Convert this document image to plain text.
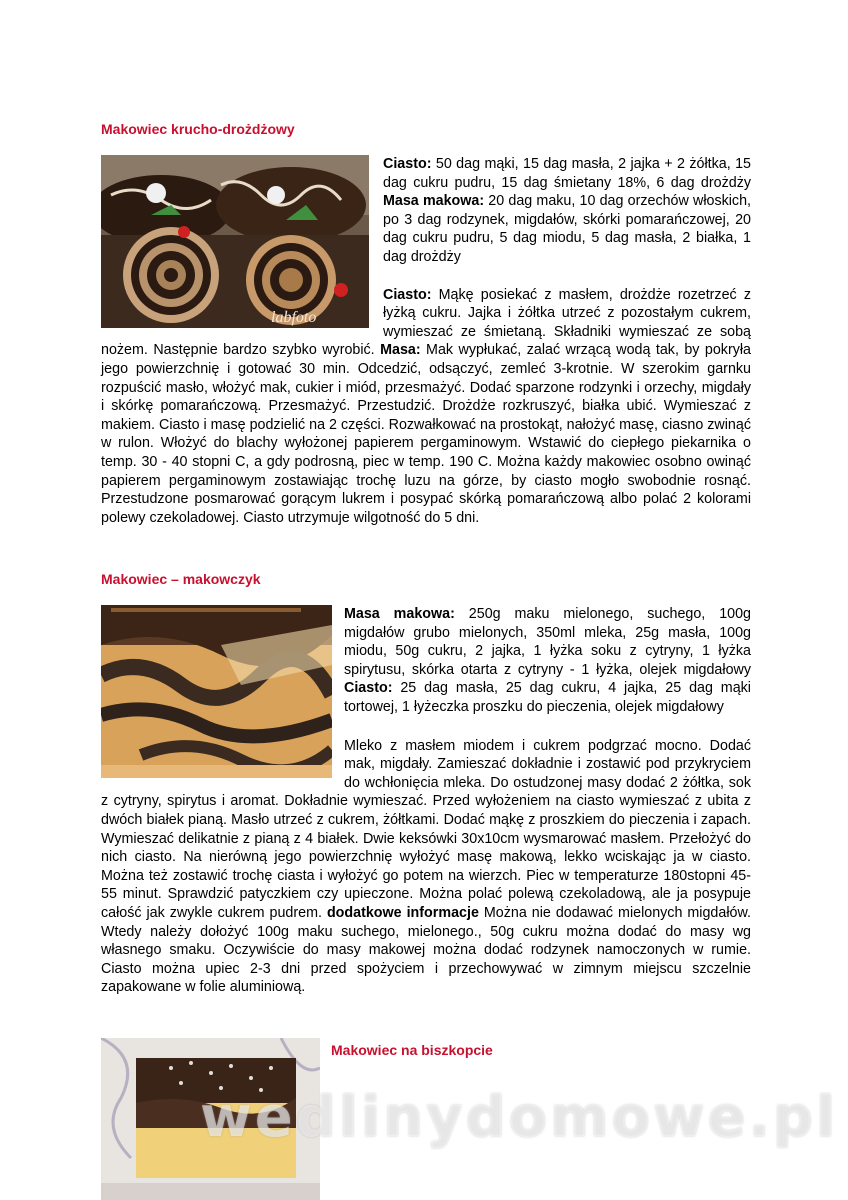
Makowiec krucho-drożdżowy
labfoto
Ciasto: 50 dag mąki, 15 dag masła, 2 jajka + 2 żółtka, 15 dag cukru pudru, 15 dag śmietany 18%, 6 dag drożdży Masa makowa: 20 dag maku, 10 dag orzechów włoskich, po 3 dag rodzynek, migdałów, skórki pomarańczowej, 20 dag cukru pudru, 5 dag miodu, 5 dag masła, 2 białka, 1 dag drożdży
Ciasto: Mąkę posiekać z masłem, drożdże rozetrzeć z łyżką cukru. Jajka i żółtka utrzeć z pozostałym cukrem, wymieszać ze śmietaną. Składniki wymieszać ze sobą nożem. Następnie bardzo szybko wyrobić. Masa: Mak wypłukać, zalać wrzącą wodą tak, by pokryła jego powierzchnię i gotować 30 min. Odcedzić, odsączyć, zemleć 3-krotnie. W szerokim garnku rozpuścić masło, włożyć mak, cukier i miód, przesmażyć. Dodać sparzone rodzynki i orzechy, migdały i skórkę pomarańczową. Przesmażyć. Przestudzić. Drożdże rozkruszyć, białka ubić. Wymieszać z makiem. Ciasto i masę podzielić na 2 części. Rozwałkować na prostokąt, nałożyć masę, ciasno zwinąć w rulon. Włożyć do blachy wyłożonej papierem pergaminowym. Wstawić do ciepłego piekarnika o temp. 30 - 40 stopni C, a gdy podrosną, piec w temp. 190 C. Można każdy makowiec osobno owinąć papierem pergaminowym zostawiając trochę luzu na górze, by ciasto mogło swobodnie rosnąć. Przestudzone posmarować gorącym lukrem i posypać skórką pomarańczową albo polać 2 kolorami polewy czekoladowej. Ciasto utrzymuje wilgotność do 5 dni.
Makowiec – makowczyk
Masa makowa: 250g maku mielonego, suchego, 100g migdałów grubo mielonych, 350ml mleka, 25g masła, 100g miodu, 50g cukru, 2 jajka, 1 łyżka soku z cytryny, 1 łyżka spirytusu, skórka otarta z cytryny - 1 łyżka, olejek migdałowy Ciasto: 25 dag masła, 25 dag cukru, 4 jajka, 25 dag mąki tortowej, 1 łyżeczka proszku do pieczenia, olejek migdałowy
Mleko z masłem miodem i cukrem podgrzać mocno. Dodać mak, migdały. Zamieszać dokładnie i zostawić pod przykryciem do wchłonięcia mleka. Do ostudzonej masy dodać 2 żółtka, sok z cytryny, spirytus i aromat. Dokładnie wymieszać. Przed wyłożeniem na ciasto wymieszać z ubita z dwóch białek pianą. Masło utrzeć z cukrem, żółtkami. Dodać mąkę z proszkiem do pieczenia i zapach. Wymieszać delikatnie z pianą z 4 białek. Dwie keksówki 30x10cm wysmarować masłem. Przełożyć do nich ciasto. Na nierówną jego powierzchnię wyłożyć masę makową, lekko wciskając ja w ciasto. Można też zostawić trochę ciasta i wyłożyć go potem na wierzch. Piec w temperaturze 180stopni 45-55 minut. Sprawdzić patyczkiem czy upieczone. Można polać polewą czekoladową, ale ja posypuje całość jak zwykle cukrem pudrem. dodatkowe informacje Można nie dodawać mielonych migdałów. Wtedy należy dołożyć 100g maku suchego, mielonego., 50g cukru można dodać do masy wg własnego smaku. Oczywiście do masy makowej można dodać rodzynek namoczonych w rumie. Ciasto można upiec 2-3 dni przed spożyciem i przechowywać w zimnym miejscu szczelnie zapakowane w folie aluminiową.
Makowiec na biszkopcie
wedlinydomowe.pl
